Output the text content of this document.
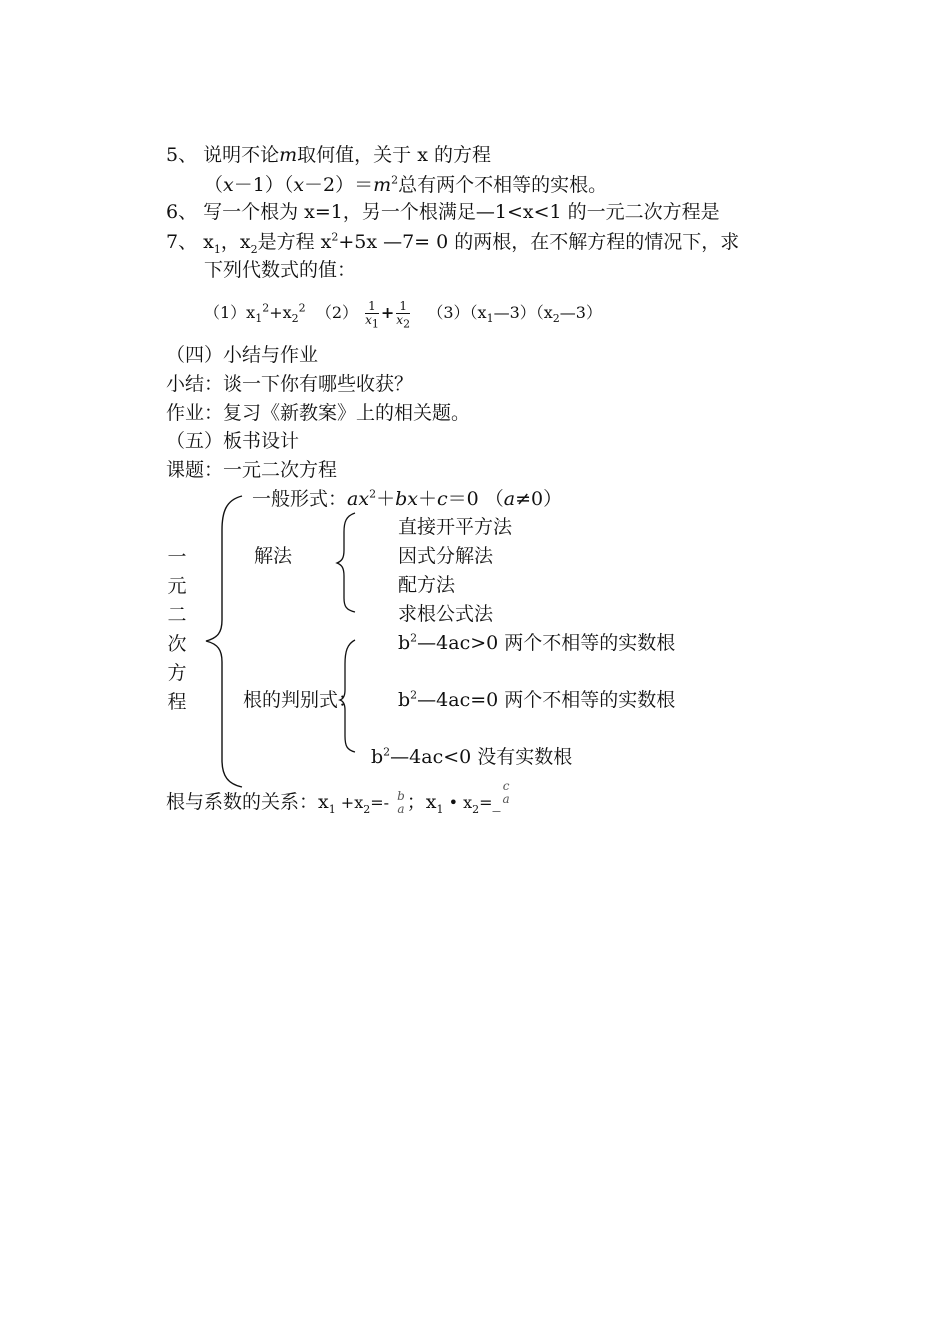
5、 说明不论m取何值，关于 x 的方程
$(x-1)(x-2)=m^2$总有两个不相等的实根。
6、 写一个根为 x=1，另一个根满足—1<x<1 的一元二次方程是
7、 $x_1$，$x_2$是方程 $x^2+5x$ —7= 0 的两根，在不解方程的情况下，求
下列代数式的值：
$(1)x_1^2+x_2^2$ $(2) \frac{1}{x_1} + \frac{1}{x_2}$ $(3)(x_1—3)(x_2—3)$
（四）小结与作业
小结：谈一下你有哪些收获？
作业：复习《新教案》上的相关题。
（五）板书设计
课题：一元二次方程
一
元
二
次
方
程
一般形式：$ax^2+bx+c=0$ （a≠0）
解法
直接开平方法
因式分解法
配方法
求根公式法
根的判别式：
$b^2—4ac>0$ 两个不相等的实数根
$b^2—4ac=0$ 两个不相等的实数根
$b^2—4ac<0$ 没有实数根
根与系数的关系：$x_1 +x_2=-$ b
a ；$x_1$ • $x_2=\_$
c
a
